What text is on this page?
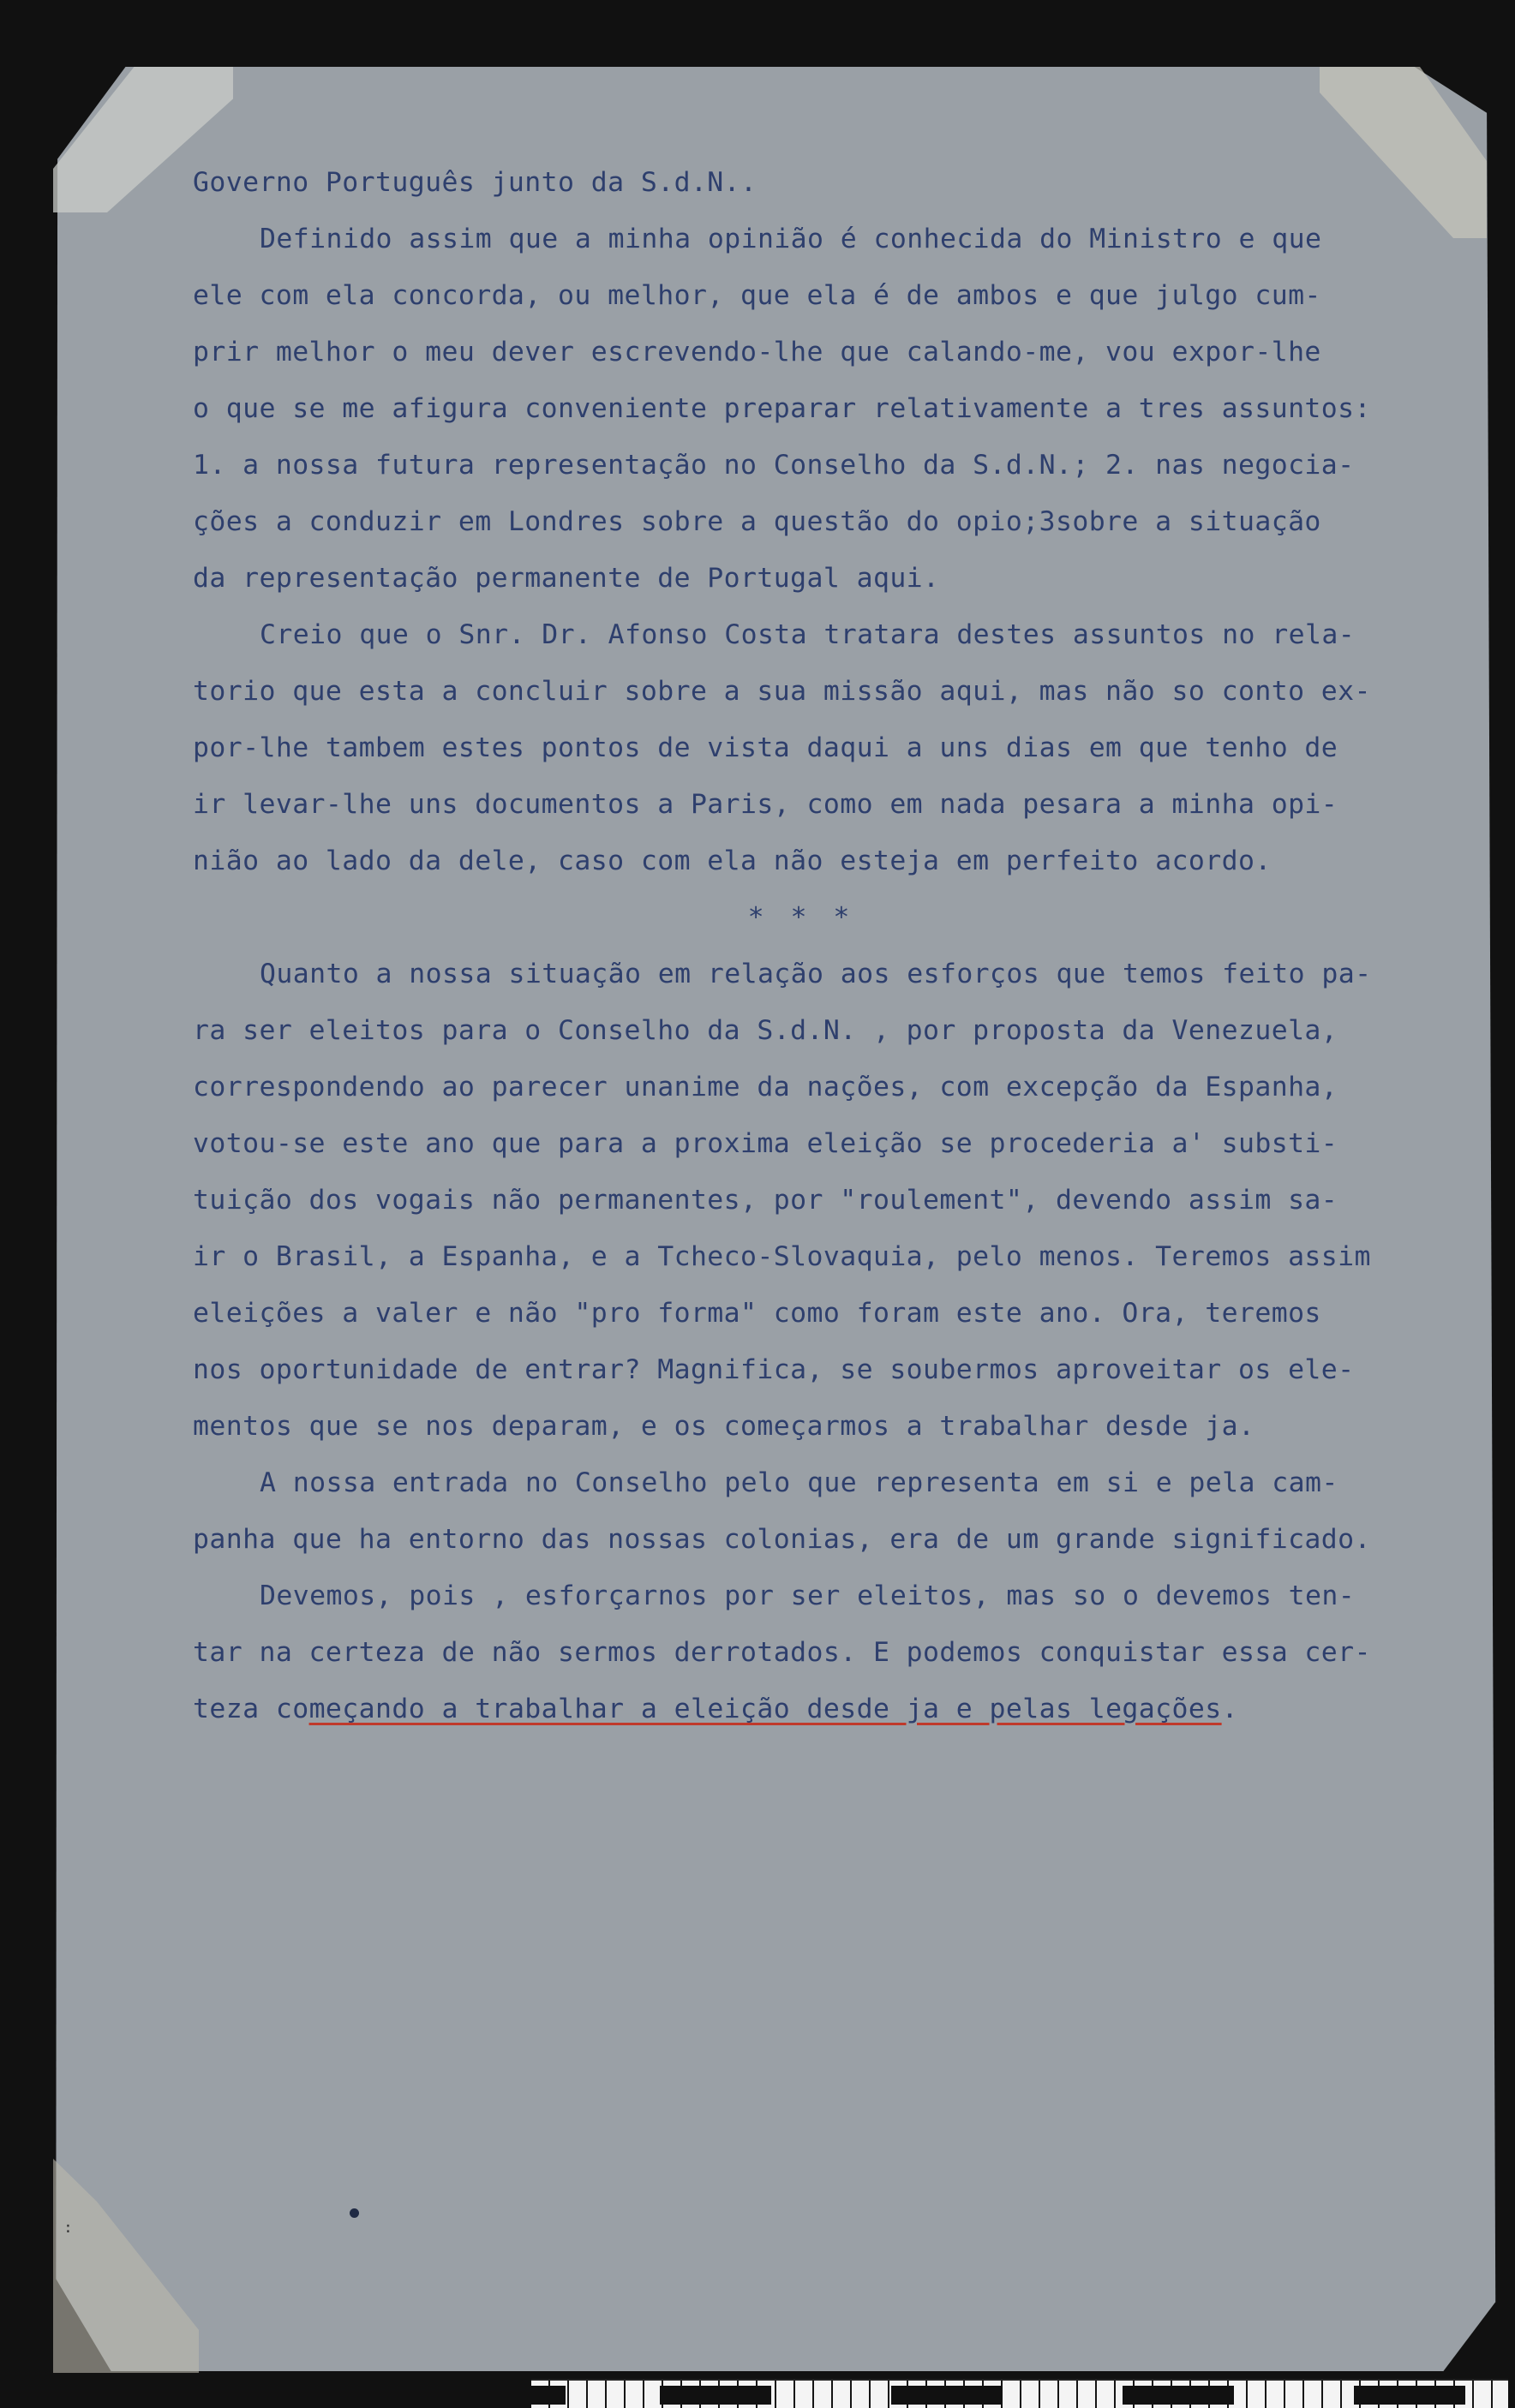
Governo Português junto da S.d.N..
Definido assim que a minha opinião é conhecida do Ministro e que
ele com ela concorda, ou melhor, que ela é de ambos e que julgo cum-
prir melhor o meu dever escrevendo-lhe que calando-me, vou expor-lhe
o que se me afigura conveniente preparar relativamente a tres assuntos:
1. a nossa futura representação no Conselho da S.d.N.; 2. nas negocia-
ções a conduzir em Londres sobre a questão do opio;3sobre a situação
da representação permanente de Portugal aqui.
Creio que o Snr. Dr. Afonso Costa tratara destes assuntos no rela-
torio que esta a concluir sobre a sua missão aqui, mas não so conto ex-
por-lhe tambem estes pontos de vista daqui a uns dias em que tenho de
ir levar-lhe uns documentos a Paris, como em nada pesara a minha opi-
nião ao lado da dele, caso com ela não esteja em perfeito acordo.
* * *
Quanto a nossa situação em relação aos esforços que temos feito pa-
ra ser eleitos para o Conselho da S.d.N. , por proposta da Venezuela,
correspondendo ao parecer unanime da nações, com excepção da Espanha,
votou-se este ano que para a proxima eleição se procederia a' substi-
tuição dos vogais não permanentes, por "roulement", devendo assim sa-
ir o Brasil, a Espanha, e a Tcheco-Slovaquia, pelo menos. Teremos assim
eleições a valer e não "pro forma" como foram este ano. Ora, teremos
nos oportunidade de entrar? Magnifica, se soubermos aproveitar os ele-
mentos que se nos deparam, e os começarmos a trabalhar desde ja.
A nossa entrada no Conselho pelo que representa em si e pela cam-
panha que ha entorno das nossas colonias, era de um grande significado.
Devemos, pois , esforçarnos por ser eleitos, mas so o devemos ten-
tar na certeza de não sermos derrotados. E podemos conquistar essa cer-
teza começando a trabalhar a eleição desde ja e pelas legações.
:
